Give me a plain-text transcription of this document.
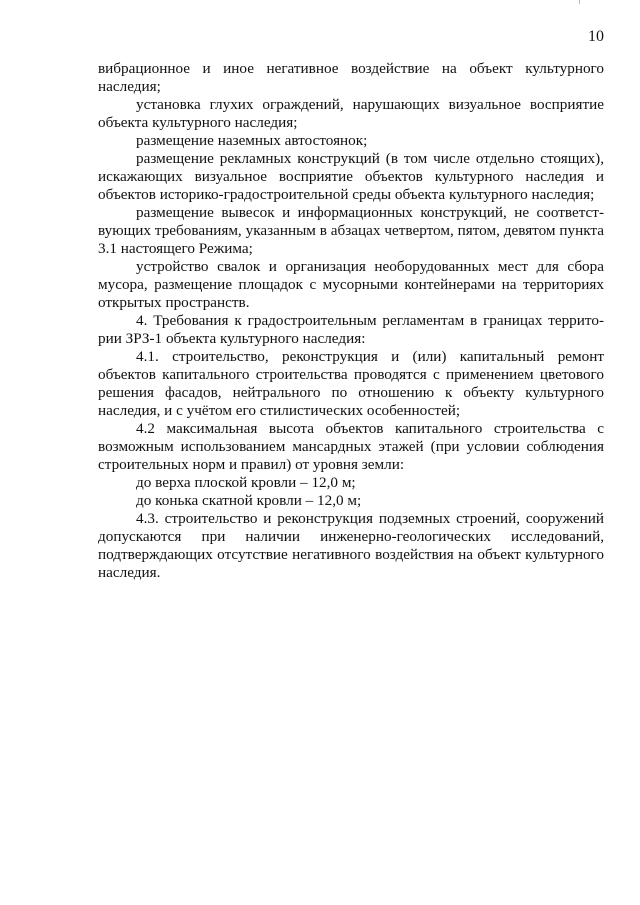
10

вибрационное и иное негативное воздействие на объект культурного наследия;

установка глухих ограждений, нарушающих визуальное восприятие объекта культурного наследия;

размещение наземных автостоянок;

размещение рекламных конструкций (в том числе отдельно стоящих), искажающих визуальное восприятие объектов культурного наследия и объектов историко-градостроительной среды объекта культурного наследия;

размещение вывесок и информационных конструкций, не соответствующих требованиям, указанным в абзацах четвертом, пятом, девятом пункта 3.1 настоящего Режима;

устройство свалок и организация необорудованных мест для сбора мусора, размещение площадок с мусорными контейнерами на территориях открытых пространств.

4. Требования к градостроительным регламентам в границах территории ЗРЗ-1 объекта культурного наследия:

4.1. строительство, реконструкция и (или) капитальный ремонт объектов капитального строительства проводятся с применением цветового решения фасадов, нейтрального по отношению к объекту культурного наследия, и с учётом его стилистических особенностей;

4.2 максимальная высота объектов капитального строительства с возможным использованием мансардных этажей (при условии соблюдения строительных норм и правил) от уровня земли:

до верха плоской кровли – 12,0 м;

до конька скатной кровли – 12,0 м;

4.3. строительство и реконструкция подземных строений, сооружений допускаются при наличии инженерно-геологических исследований, подтверждающих отсутствие негативного воздействия на объект культурного наследия.
